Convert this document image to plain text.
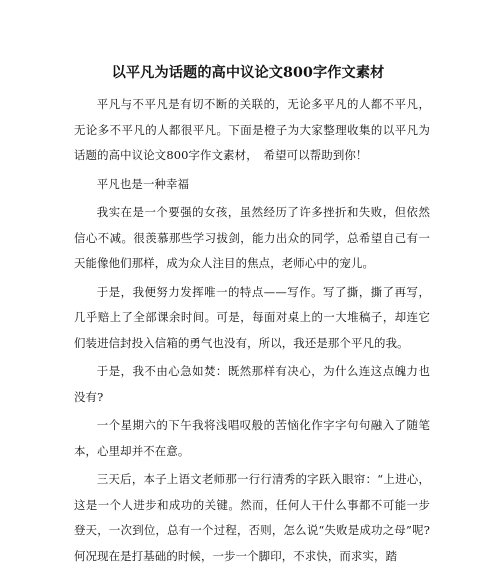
以平凡为话题的高中议论文800字作文素材

平凡与不平凡是有切不断的关联的，无论多平凡的人都不平凡，无论多不平凡的人都很平凡。下面是橙子为大家整理收集的以平凡为话题的高中议论文800字作文素材，　希望可以帮助到你！

平凡也是一种幸福

我实在是一个要强的女孩，虽然经历了许多挫折和失败，但依然信心不减。很羡慕那些学习拔剑，能力出众的同学，总希望自己有一天能像他们那样，成为众人注目的焦点，老师心中的宠儿。

于是，我便努力发挥唯一的特点——写作。写了撕，撕了再写，几乎赔上了全部课余时间。可是，每面对桌上的一大堆稿子，却连它们装进信封投入信箱的勇气也没有，所以，我还是那个平凡的我。

于是，我不由心急如焚：既然那样有决心，为什么连这点魄力也没有?

一个星期六的下午我将浅唱叹般的苦恼化作字字句句融入了随笔本，心里却并不在意。

三天后，本子上语文老师那一行行清秀的字跃入眼帘：“上进心，这是一个人进步和成功的关键。然而，任何人干什么事都不可能一步登天，一次到位，总有一个过程，否则，怎么说“失败是成功之母”呢?何况现在是打基础的时候，一步一个脚印，不求快，而求实，踏
